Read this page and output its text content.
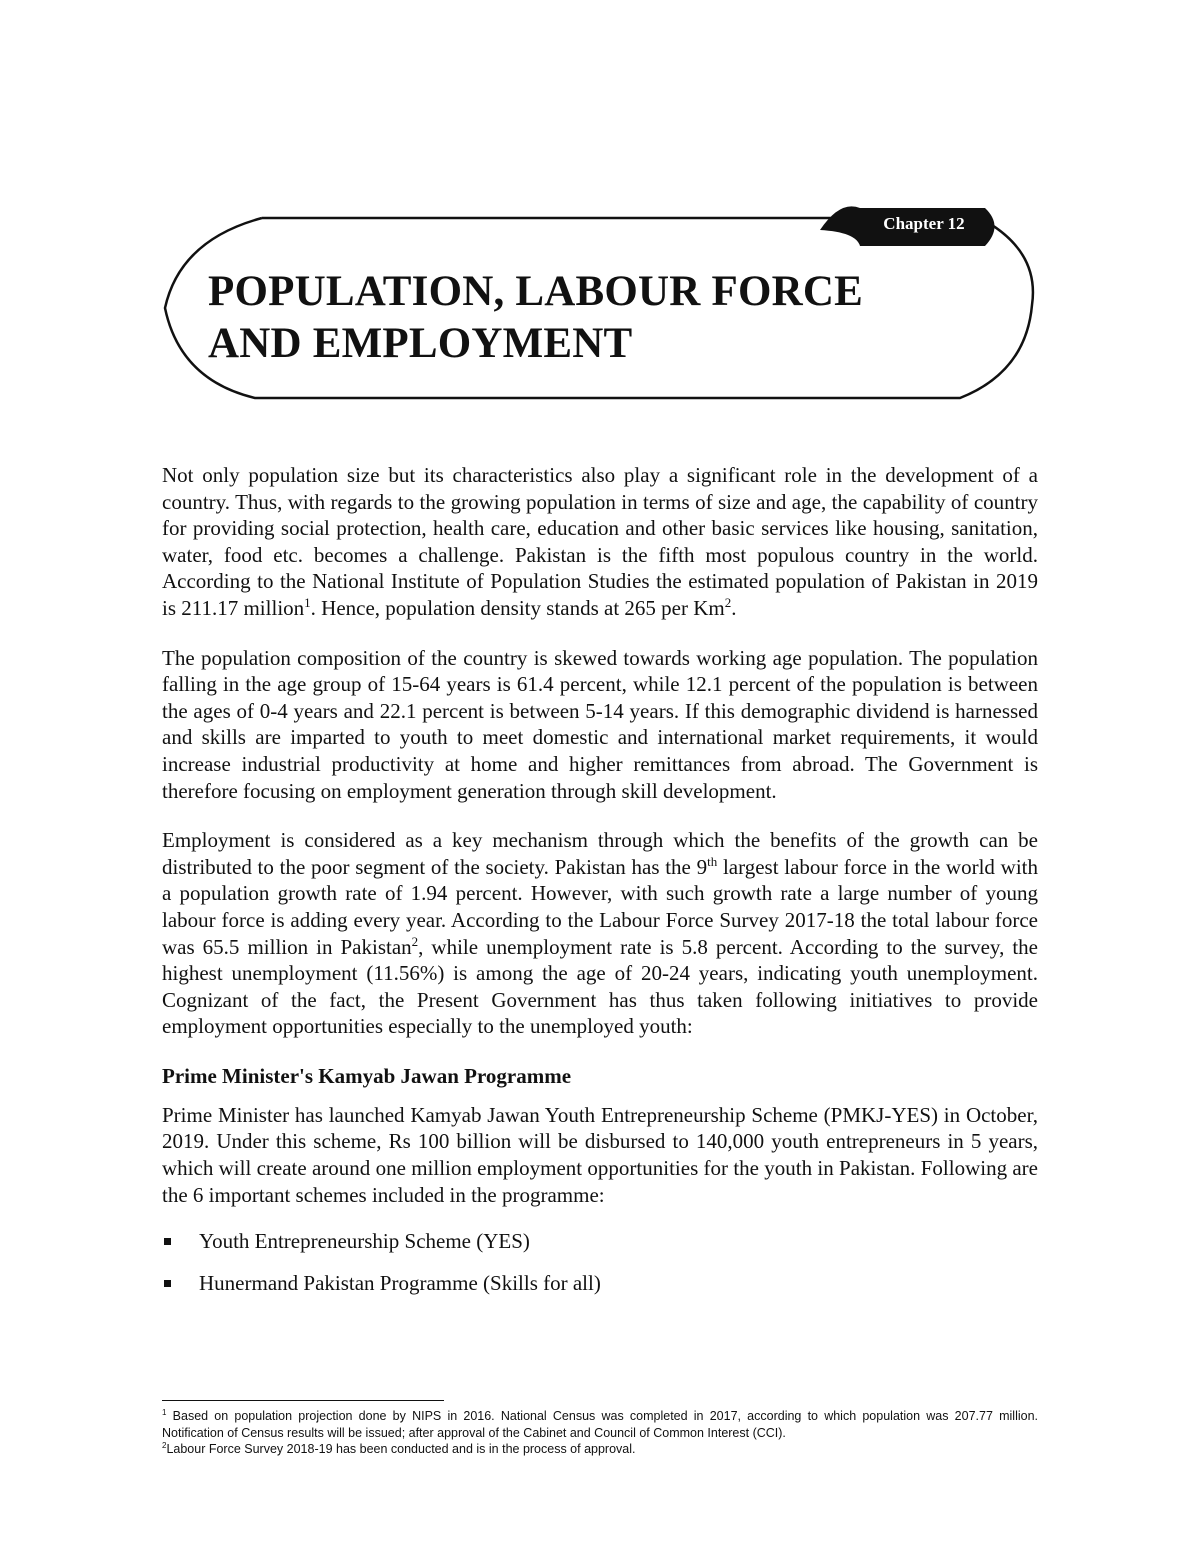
Chapter 12
POPULATION, LABOUR FORCE
AND EMPLOYMENT

Not only population size but its characteristics also play a significant role in the development of a country. Thus, with regards to the growing population in terms of size and age, the capability of country for providing social protection, health care, education and other basic services like housing, sanitation, water, food etc. becomes a challenge. Pakistan is the fifth most populous country in the world. According to the National Institute of Population Studies the estimated population of Pakistan in 2019 is 211.17 million$^1$. Hence, population density stands at 265 per Km$^2$.

The population composition of the country is skewed towards working age population. The population falling in the age group of 15-64 years is 61.4 percent, while 12.1 percent of the population is between the ages of 0-4 years and 22.1 percent is between 5-14 years. If this demographic dividend is harnessed and skills are imparted to youth to meet domestic and international market requirements, it would increase industrial productivity at home and higher remittances from abroad. The Government is therefore focusing on employment generation through skill development.

Employment is considered as a key mechanism through which the benefits of the growth can be distributed to the poor segment of the society. Pakistan has the 9th largest labour force in the world with a population growth rate of 1.94 percent. However, with such growth rate a large number of young labour force is adding every year. According to the Labour Force Survey 2017-18 the total labour force was 65.5 million in Pakistan$^2$, while unemployment rate is 5.8 percent. According to the survey, the highest unemployment (11.56%) is among the age of 20-24 years, indicating youth unemployment. Cognizant of the fact, the Present Government has thus taken following initiatives to provide employment opportunities especially to the unemployed youth:

Prime Minister's Kamyab Jawan Programme

Prime Minister has launched Kamyab Jawan Youth Entrepreneurship Scheme (PMKJ-YES) in October, 2019. Under this scheme, Rs 100 billion will be disbursed to 140,000 youth entrepreneurs in 5 years, which will create around one million employment opportunities for the youth in Pakistan. Following are the 6 important schemes included in the programme:

Youth Entrepreneurship Scheme (YES)
Hunermand Pakistan Programme (Skills for all)

$^1$ Based on population projection done by NIPS in 2016. National Census was completed in 2017, according to which population was 207.77 million. Notification of Census results will be issued; after approval of the Cabinet and Council of Common Interest (CCI).

$^2$Labour Force Survey 2018-19 has been conducted and is in the process of approval.
